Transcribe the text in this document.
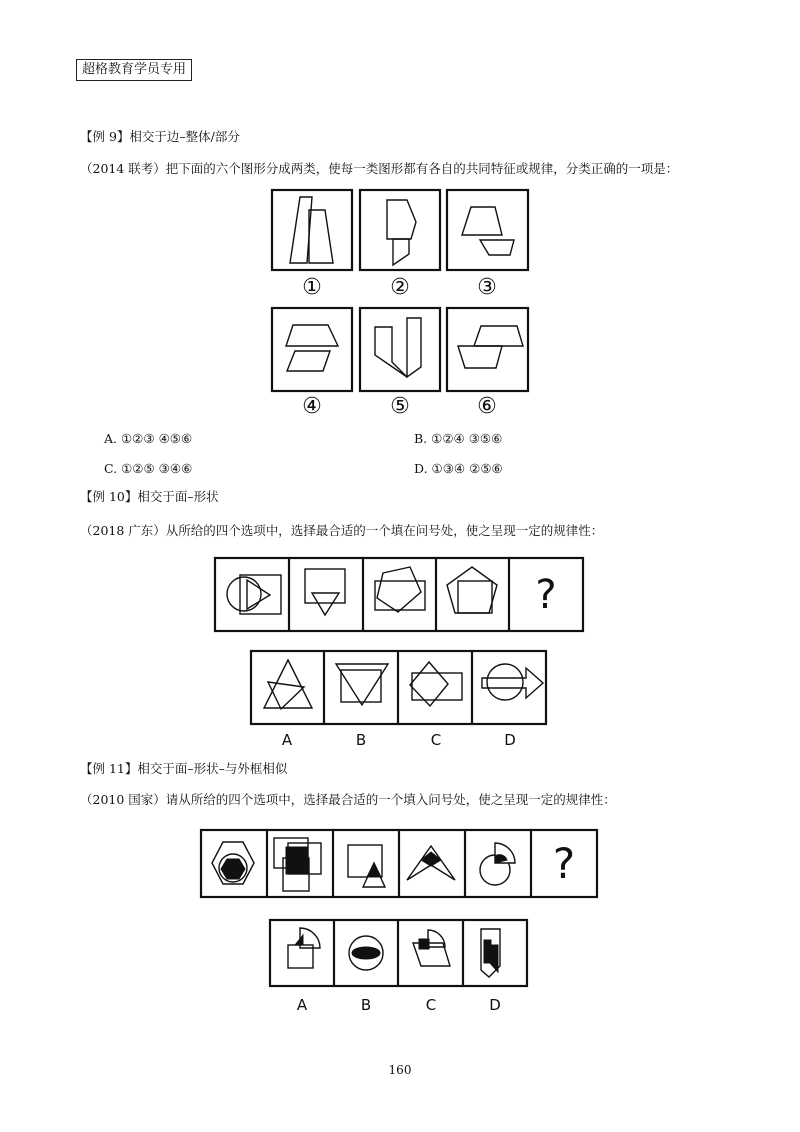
超格教育学员专用
【例 9】相交于边–整体/部分
（2014 联考）把下面的六个图形分成两类，使每一类图形都有各自的共同特征或规律，分类正确的一项是：
①	②	③
④	⑤	⑥
A. ①②③ ④⑤⑥	B. ①②④ ③⑤⑥
C. ①②⑤ ③④⑥	D. ①③④ ②⑤⑥
【例 10】相交于面–形状
（2018 广东）从所给的四个选项中，选择最合适的一个填在问号处，使之呈现一定的规律性：
?
A	B	C	D
【例 11】相交于面–形状–与外框相似
（2010 国家）请从所给的四个选项中，选择最合适的一个填入问号处，使之呈现一定的规律性：
?
A	B	C	D
160
